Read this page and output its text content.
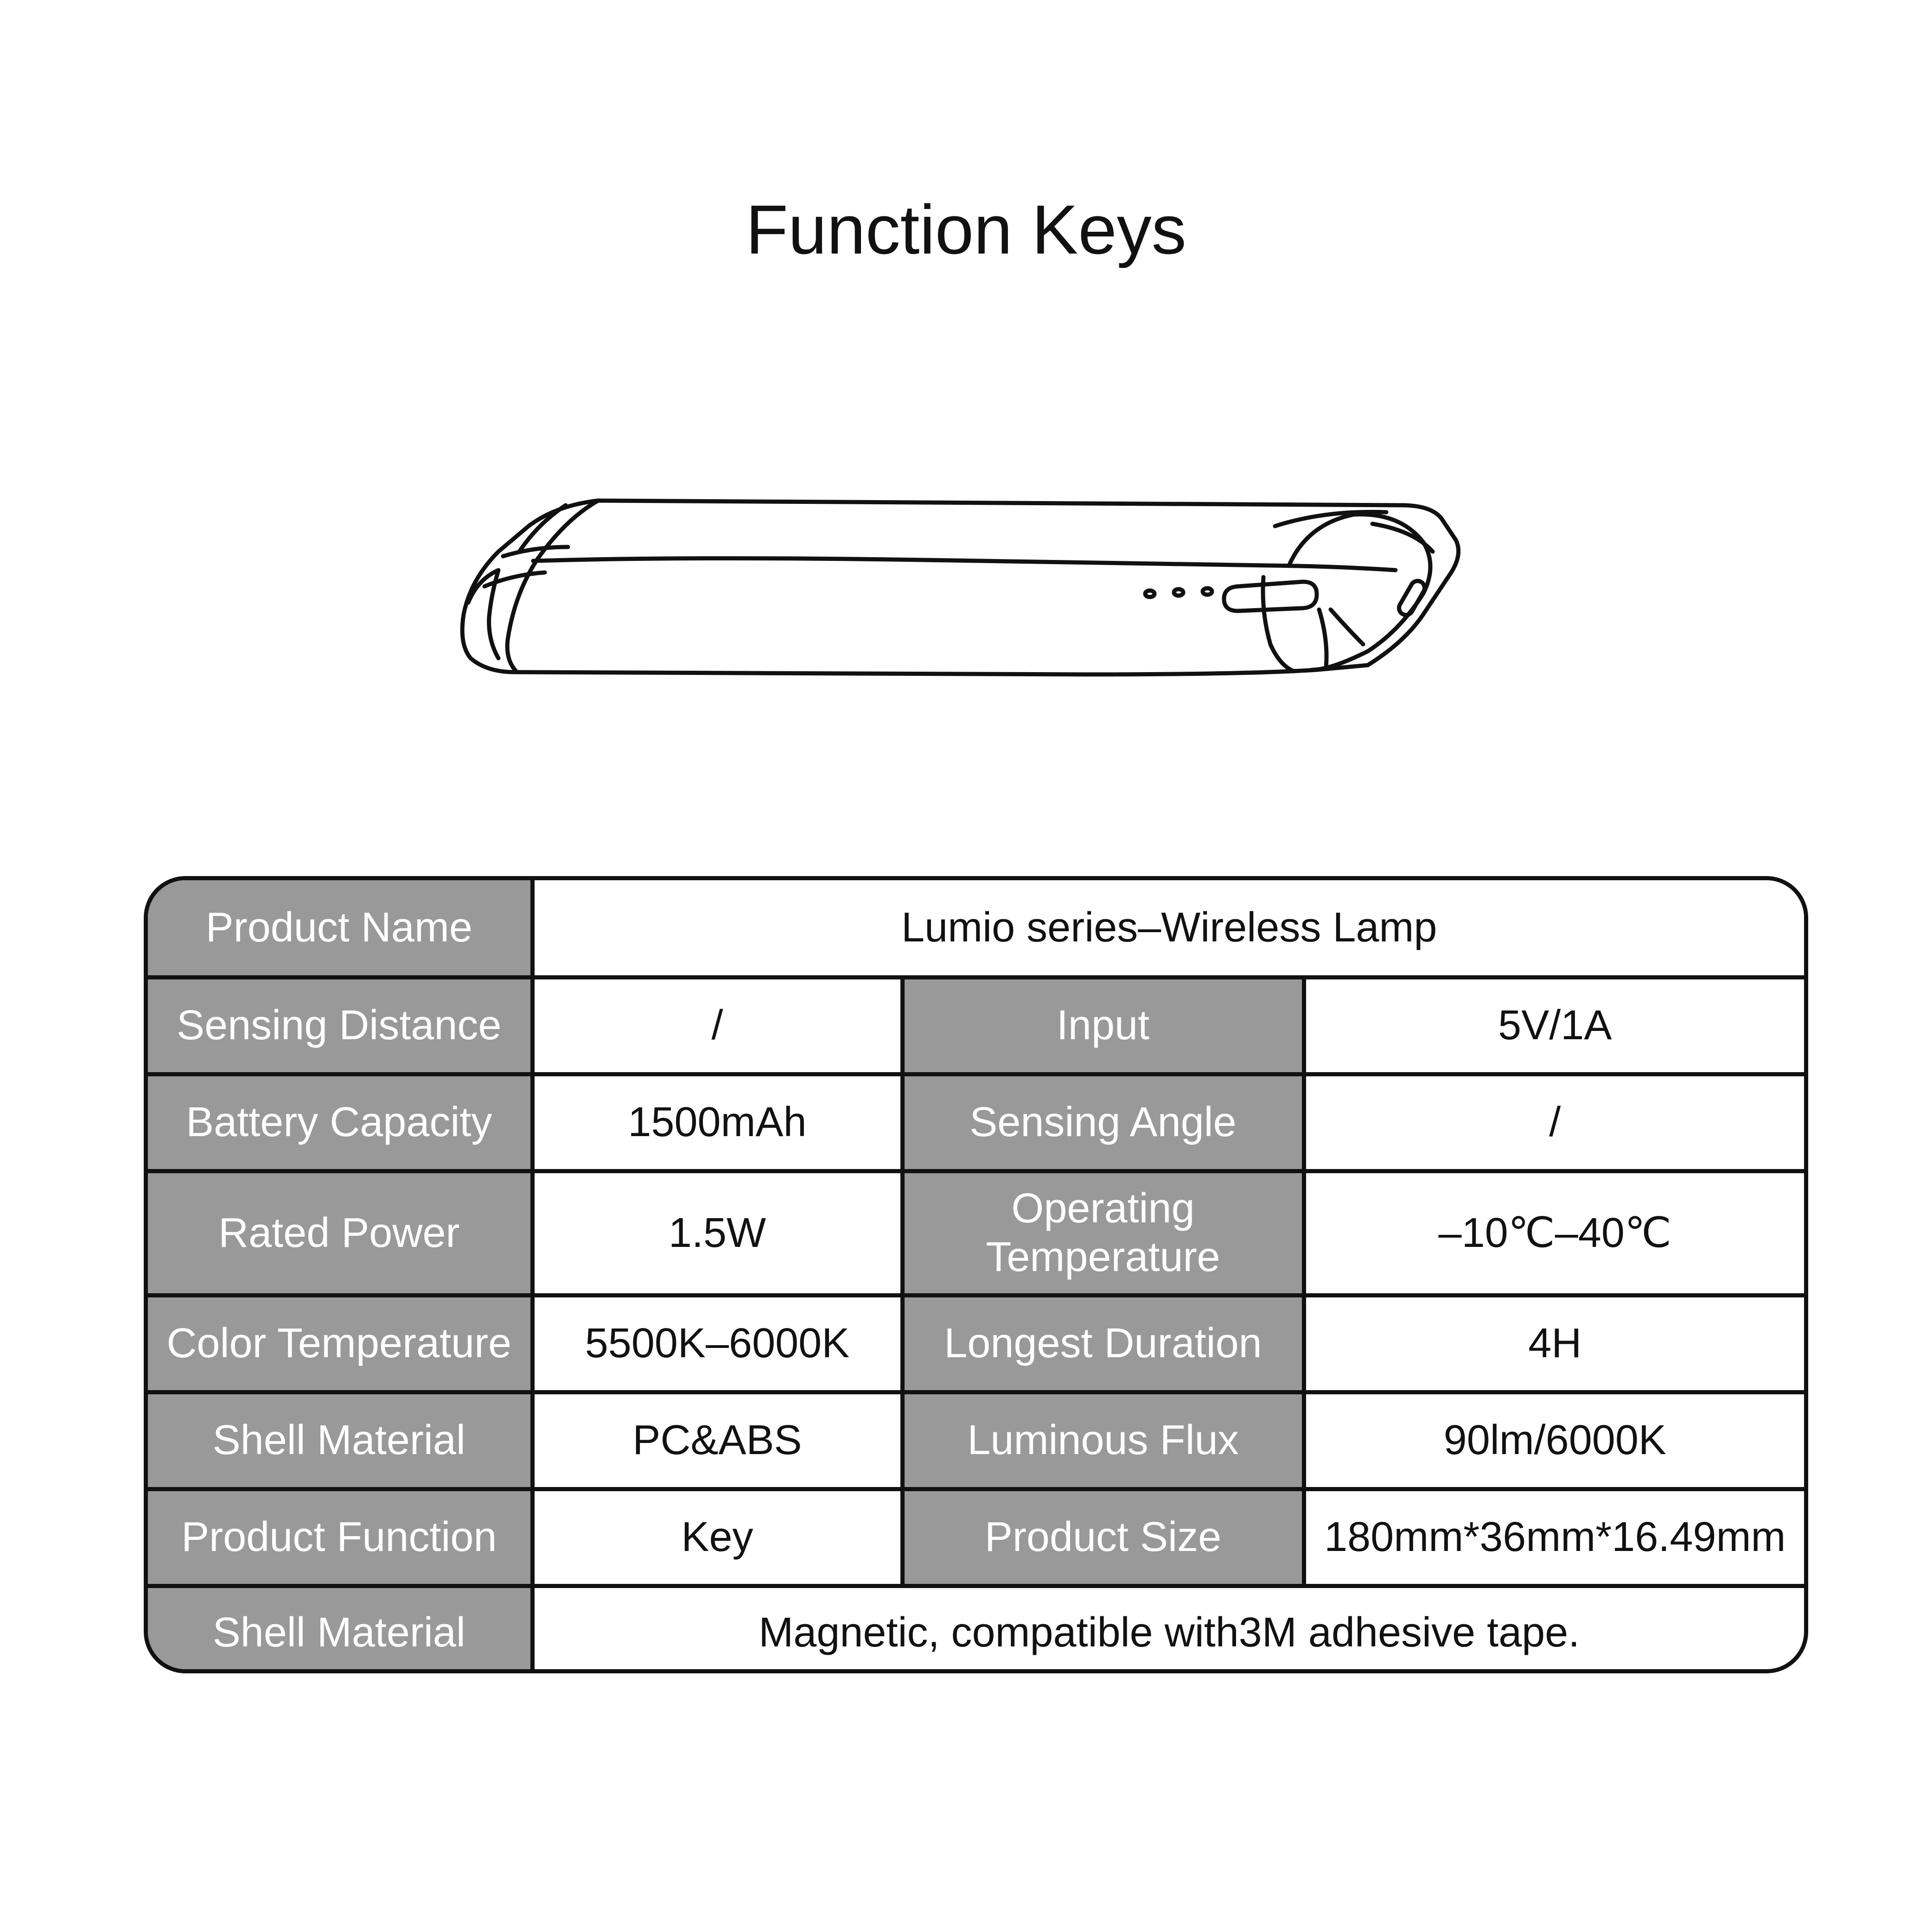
Function Keys
Product Name	Lumio series–Wireless Lamp		
Sensing Distance	/	Input	5V/1A
Battery Capacity	1500mAh	Sensing Angle	/
Rated Power	1.5W	Operating Temperature	–10℃–40℃
Color Temperature	5500K–6000K	Longest Duration	4H
Shell Material	PC&ABS	Luminous Flux	90lm/6000K
Product Function	Key	Product Size	180mm*36mm*16.49mm
Shell Material	Magnetic, compatible with3M adhesive tape.		
